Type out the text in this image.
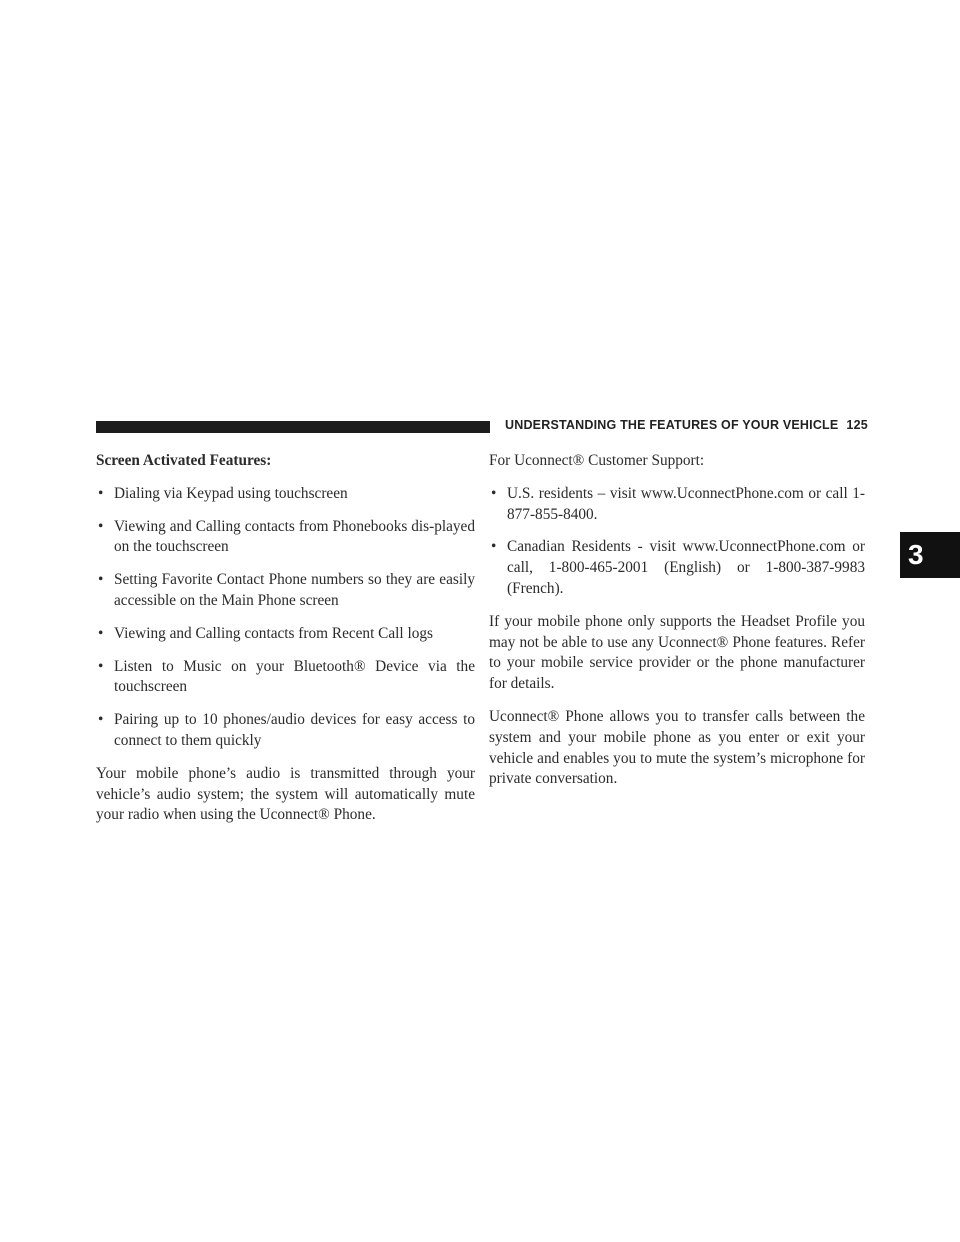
UNDERSTANDING THE FEATURES OF YOUR VEHICLE 125
Screen Activated Features:
• Dialing via Keypad using touchscreen
• Viewing and Calling contacts from Phonebooks dis-played on the touchscreen
• Setting Favorite Contact Phone numbers so they are easily accessible on the Main Phone screen
• Viewing and Calling contacts from Recent Call logs
• Listen to Music on your Bluetooth® Device via the touchscreen
• Pairing up to 10 phones/audio devices for easy access to connect to them quickly

Your mobile phone’s audio is transmitted through your vehicle’s audio system; the system will automatically mute your radio when using the Uconnect® Phone.

For Uconnect® Customer Support:
• U.S. residents – visit www.UconnectPhone.com or call 1-877-855-8400.
• Canadian Residents - visit www.UconnectPhone.com or call, 1-800-465-2001 (English) or 1-800-387-9983 (French).

If your mobile phone only supports the Headset Profile you may not be able to use any Uconnect® Phone features. Refer to your mobile service provider or the phone manufacturer for details.

Uconnect® Phone allows you to transfer calls between the system and your mobile phone as you enter or exit your vehicle and enables you to mute the system’s microphone for private conversation.

3
